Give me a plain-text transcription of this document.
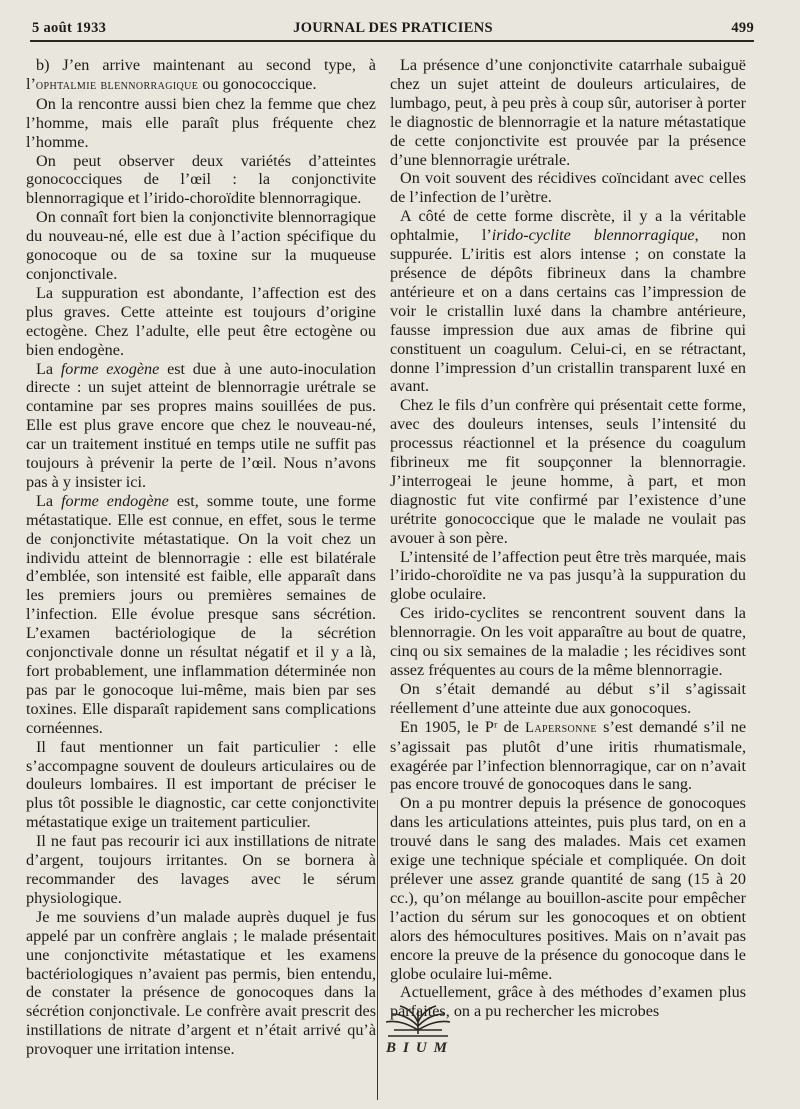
5 août 1933	JOURNAL DES PRATICIENS	499

b) J’en arrive maintenant au second type, à l’ophtalmie blennorragique ou gonococcique.

On la rencontre aussi bien chez la femme que chez l’homme, mais elle paraît plus fréquente chez l’homme.

On peut observer deux variétés d’atteintes gonococciques de l’œil : la conjonctivite blennorragique et l’irido-choroïdite blennorragique.

On connaît fort bien la conjonctivite blennorragique du nouveau-né, elle est due à l’action spécifique du gonocoque ou de sa toxine sur la muqueuse conjonctivale.

La suppuration est abondante, l’affection est des plus graves. Cette atteinte est toujours d’origine ectogène. Chez l’adulte, elle peut être ectogène ou bien endogène.

La forme exogène est due à une auto-inoculation directe : un sujet atteint de blennorragie urétrale se contamine par ses propres mains souillées de pus. Elle est plus grave encore que chez le nouveau-né, car un traitement institué en temps utile ne suffit pas toujours à prévenir la perte de l’œil. Nous n’avons pas à y insister ici.

La forme endogène est, somme toute, une forme métastatique. Elle est connue, en effet, sous le terme de conjonctivite métastatique. On la voit chez un individu atteint de blennorragie : elle est bilatérale d’emblée, son intensité est faible, elle apparaît dans les premiers jours ou premières semaines de l’infection. Elle évolue presque sans sécrétion. L’examen bactériologique de la sécrétion conjonctivale donne un résultat négatif et il y a là, fort probablement, une inflammation déterminée non pas par le gonocoque lui-même, mais bien par ses toxines. Elle disparaît rapidement sans complications cornéennes.

Il faut mentionner un fait particulier : elle s’accompagne souvent de douleurs articulaires ou de douleurs lombaires. Il est important de préciser le plus tôt possible le diagnostic, car cette conjonctivite métastatique exige un traitement particulier.

Il ne faut pas recourir ici aux instillations de nitrate d’argent, toujours irritantes. On se bornera à recommander des lavages avec le sérum physiologique.

Je me souviens d’un malade auprès duquel je fus appelé par un confrère anglais ; le malade présentait une conjonctivite métastatique et les examens bactériologiques n’avaient pas permis, bien entendu, de constater la présence de gonocoques dans la sécrétion conjonctivale. Le confrère avait prescrit des instillations de nitrate d’argent et n’était arrivé qu’à provoquer une irritation intense.

La présence d’une conjonctivite catarrhale subaiguë chez un sujet atteint de douleurs articulaires, de lumbago, peut, à peu près à coup sûr, autoriser à porter le diagnostic de blennorragie et la nature métastatique de cette conjonctivite est prouvée par la présence d’une blennorragie urétrale.

On voit souvent des récidives coïncidant avec celles de l’infection de l’urètre.

A côté de cette forme discrète, il y a la véritable ophtalmie, l’irido-cyclite blennorragique, non suppurée. L’iritis est alors intense ; on constate la présence de dépôts fibrineux dans la chambre antérieure et on a dans certains cas l’impression de voir le cristallin luxé dans la chambre antérieure, fausse impression due aux amas de fibrine qui constituent un coagulum. Celui-ci, en se rétractant, donne l’impression d’un cristallin transparent luxé en avant.

Chez le fils d’un confrère qui présentait cette forme, avec des douleurs intenses, seuls l’intensité du processus réactionnel et la présence du coagulum fibrineux me fit soupçonner la blennorragie. J’interrogeai le jeune homme, à part, et mon diagnostic fut vite confirmé par l’existence d’une urétrite gonococcique que le malade ne voulait pas avouer à son père.

L’intensité de l’affection peut être très marquée, mais l’irido-choroïdite ne va pas jusqu’à la suppuration du globe oculaire.

Ces irido-cyclites se rencontrent souvent dans la blennorragie. On les voit apparaître au bout de quatre, cinq ou six semaines de la maladie ; les récidives sont assez fréquentes au cours de la même blennorragie.

On s’était demandé au début s’il s’agissait réellement d’une atteinte due aux gonocoques.

En 1905, le Pʳ de Lapersonne s’est demandé s’il ne s’agissait pas plutôt d’une iritis rhumatismale, exagérée par l’infection blennorragique, car on n’avait pas encore trouvé de gonocoques dans le sang.

On a pu montrer depuis la présence de gonocoques dans les articulations atteintes, puis plus tard, on en a trouvé dans le sang des malades. Mais cet examen exige une technique spéciale et compliquée. On doit prélever une assez grande quantité de sang (15 à 20 cc.), qu’on mélange au bouillon-ascite pour empêcher l’action du sérum sur les gonocoques et on obtient alors des hémocultures positives. Mais on n’avait pas encore la preuve de la présence du gonocoque dans le globe oculaire lui-même.

Actuellement, grâce à des méthodes d’examen plus parfaites, on a pu rechercher les microbes

BIUM
